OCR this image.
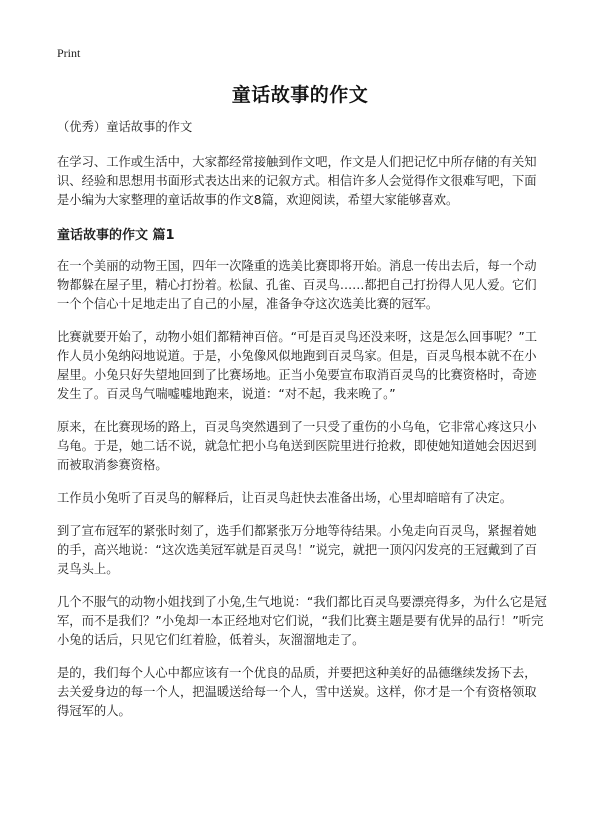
Print
童话故事的作文

（优秀）童话故事的作文

在学习、工作或生活中，大家都经常接触到作文吧，作文是人们把记忆中所存储的有关知识、经验和思想用书面形式表达出来的记叙方式。相信许多人会觉得作文很难写吧，下面是小编为大家整理的童话故事的作文8篇，欢迎阅读，希望大家能够喜欢。

童话故事的作文 篇1

在一个美丽的动物王国，四年一次隆重的选美比赛即将开始。消息一传出去后，每一个动物都躲在屋子里，精心打扮着。松鼠、孔雀、百灵鸟……都把自己打扮得人见人爱。它们一个个信心十足地走出了自己的小屋，准备争夺这次选美比赛的冠军。

比赛就要开始了，动物小姐们都精神百倍。“可是百灵鸟还没来呀，这是怎么回事呢？”工作人员小兔纳闷地说道。于是，小兔像风似地跑到百灵鸟家。但是，百灵鸟根本就不在小屋里。小兔只好失望地回到了比赛场地。正当小兔要宣布取消百灵鸟的比赛资格时，奇迹发生了。百灵鸟气喘嘘嘘地跑来，说道：“对不起，我来晚了。”

原来，在比赛现场的路上，百灵鸟突然遇到了一只受了重伤的小乌龟，它非常心疼这只小乌龟。于是，她二话不说，就急忙把小乌龟送到医院里进行抢救，即使她知道她会因迟到而被取消参赛资格。

工作员小兔听了百灵鸟的解释后，让百灵鸟赶快去准备出场，心里却暗暗有了决定。

到了宣布冠军的紧张时刻了，选手们都紧张万分地等待结果。小兔走向百灵鸟，紧握着她的手，高兴地说：“这次选美冠军就是百灵鸟！”说完，就把一顶闪闪发亮的王冠戴到了百灵鸟头上。

几个不服气的动物小姐找到了小兔,生气地说：“我们都比百灵鸟要漂亮得多，为什么它是冠军，而不是我们？”小兔却一本正经地对它们说，“我们比赛主题是要有优异的品行！”听完小兔的话后，只见它们红着脸，低着头，灰溜溜地走了。

是的，我们每个人心中都应该有一个优良的品质，并要把这种美好的品德继续发扬下去，去关爱身边的每一个人，把温暖送给每一个人，雪中送炭。这样，你才是一个有资格领取得冠军的人。
